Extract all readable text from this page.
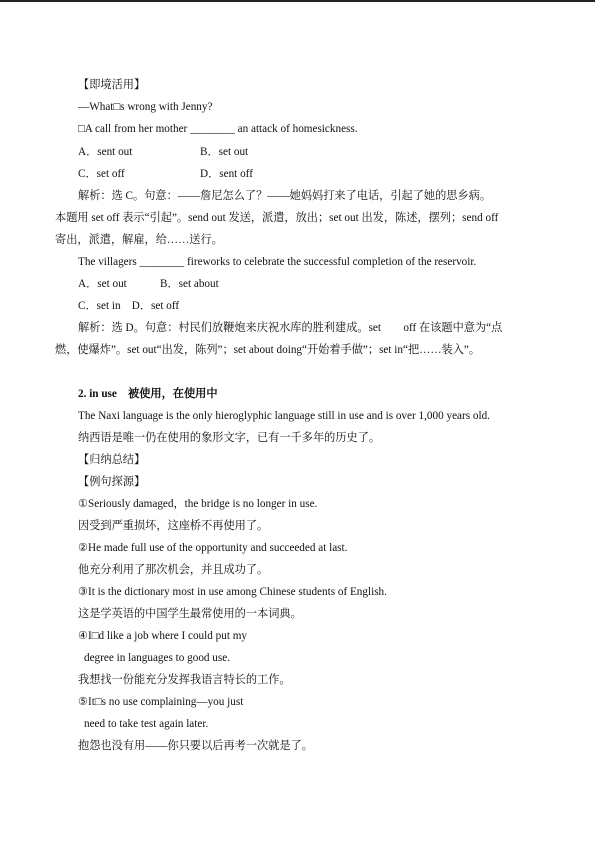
【即境活用】
—What□s wrong with Jenny?
□A call from her mother ________ an attack of homesickness.
A．sent out	B．set out
C．set off	D．sent off
解析：选 C。句意：——詹尼怎么了？——她妈妈打来了电话，引起了她的思乡病。
本题用 set off 表示“引起”。send out 发送，派遣，放出；set out 出发，陈述，摆列；send off
寄出，派遣，解雇，给……送行。
The villagers ________ fireworks to celebrate the successful completion of the reservoir.
A．set out	B．set about
C．set in　D．set off
解析：选 D。句意：村民们放鞭炮来庆祝水库的胜利建成。set　　off 在该题中意为“点
燃，使爆炸”。set out“出发，陈列”；set about doing“开始着手做”；set in“把……装入”。
2. in use　被使用，在使用中
The Naxi language is the only hieroglyphic language still in use and is over 1,000 years old.
纳西语是唯一仍在使用的象形文字，已有一千多年的历史了。
【归纳总结】
【例句探源】
①Seriously damaged，the bridge is no longer in use.
因受到严重损坏，这座桥不再使用了。
②He made full use of the opportunity and succeeded at last.
他充分利用了那次机会，并且成功了。
③It is the dictionary most in use among Chinese students of English.
这是学英语的中国学生最常使用的一本词典。
④I□d like a job where I could put my
degree in languages to good use.
我想找一份能充分发挥我语言特长的工作。
⑤It□s no use complaining—you just
need to take test again later.
抱怨也没有用——你只要以后再考一次就是了。
